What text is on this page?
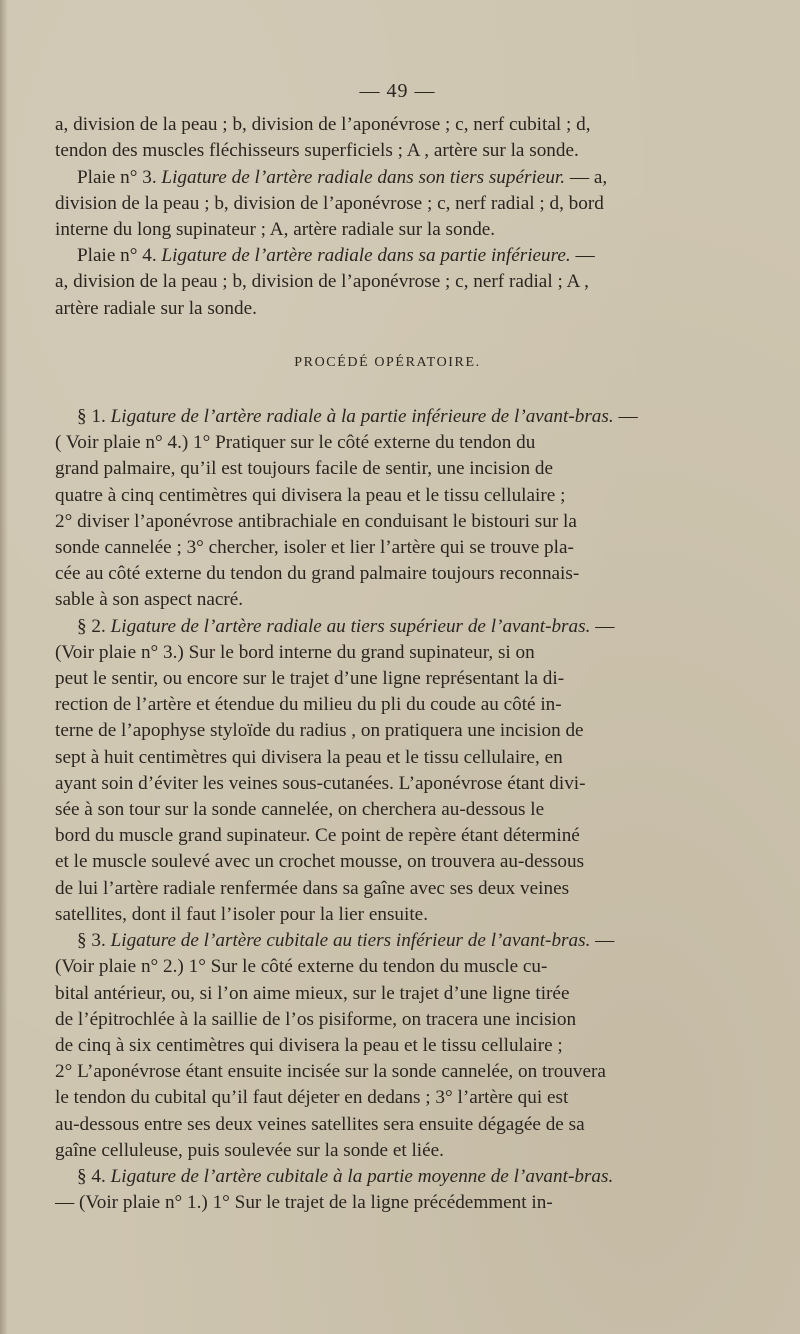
— 49 —
a, division de la peau ; b, division de l’aponévrose ; c, nerf cubital ; d,
tendon des muscles fléchisseurs superficiels ; A , artère sur la sonde.
Plaie n° 3. Ligature de l’artère radiale dans son tiers supérieur. — a,
division de la peau ; b, division de l’aponévrose ; c, nerf radial ; d, bord
interne du long supinateur ; A, artère radiale sur la sonde.
Plaie n° 4. Ligature de l’artère radiale dans sa partie inférieure. —
a, division de la peau ; b, division de l’aponévrose ; c, nerf radial ; A ,
artère radiale sur la sonde.
PROCÉDÉ OPÉRATOIRE.
§ 1. Ligature de l’artère radiale à la partie inférieure de l’avant-bras. —
( Voir plaie n° 4.) 1° Pratiquer sur le côté externe du tendon du
grand palmaire, qu’il est toujours facile de sentir, une incision de
quatre à cinq centimètres qui divisera la peau et le tissu cellulaire ;
2° diviser l’aponévrose antibrachiale en conduisant le bistouri sur la
sonde cannelée ; 3° chercher, isoler et lier l’artère qui se trouve pla-
cée au côté externe du tendon du grand palmaire toujours reconnais-
sable à son aspect nacré.
§ 2. Ligature de l’artère radiale au tiers supérieur de l’avant-bras. —
(Voir plaie n° 3.) Sur le bord interne du grand supinateur, si on
peut le sentir, ou encore sur le trajet d’une ligne représentant la di-
rection de l’artère et étendue du milieu du pli du coude au côté in-
terne de l’apophyse styloïde du radius , on pratiquera une incision de
sept à huit centimètres qui divisera la peau et le tissu cellulaire, en
ayant soin d’éviter les veines sous-cutanées. L’aponévrose étant divi-
sée à son tour sur la sonde cannelée, on cherchera au-dessous le
bord du muscle grand supinateur. Ce point de repère étant déterminé
et le muscle soulevé avec un crochet mousse, on trouvera au-dessous
de lui l’artère radiale renfermée dans sa gaîne avec ses deux veines
satellites, dont il faut l’isoler pour la lier ensuite.
§ 3. Ligature de l’artère cubitale au tiers inférieur de l’avant-bras. —
(Voir plaie n° 2.) 1° Sur le côté externe du tendon du muscle cu-
bital antérieur, ou, si l’on aime mieux, sur le trajet d’une ligne tirée
de l’épitrochlée à la saillie de l’os pisiforme, on tracera une incision
de cinq à six centimètres qui divisera la peau et le tissu cellulaire ;
2° L’aponévrose étant ensuite incisée sur la sonde cannelée, on trouvera
le tendon du cubital qu’il faut déjeter en dedans ; 3° l’artère qui est
au-dessous entre ses deux veines satellites sera ensuite dégagée de sa
gaîne celluleuse, puis soulevée sur la sonde et liée.
§ 4. Ligature de l’artère cubitale à la partie moyenne de l’avant-bras.
— (Voir plaie n° 1.) 1° Sur le trajet de la ligne précédemment in-
